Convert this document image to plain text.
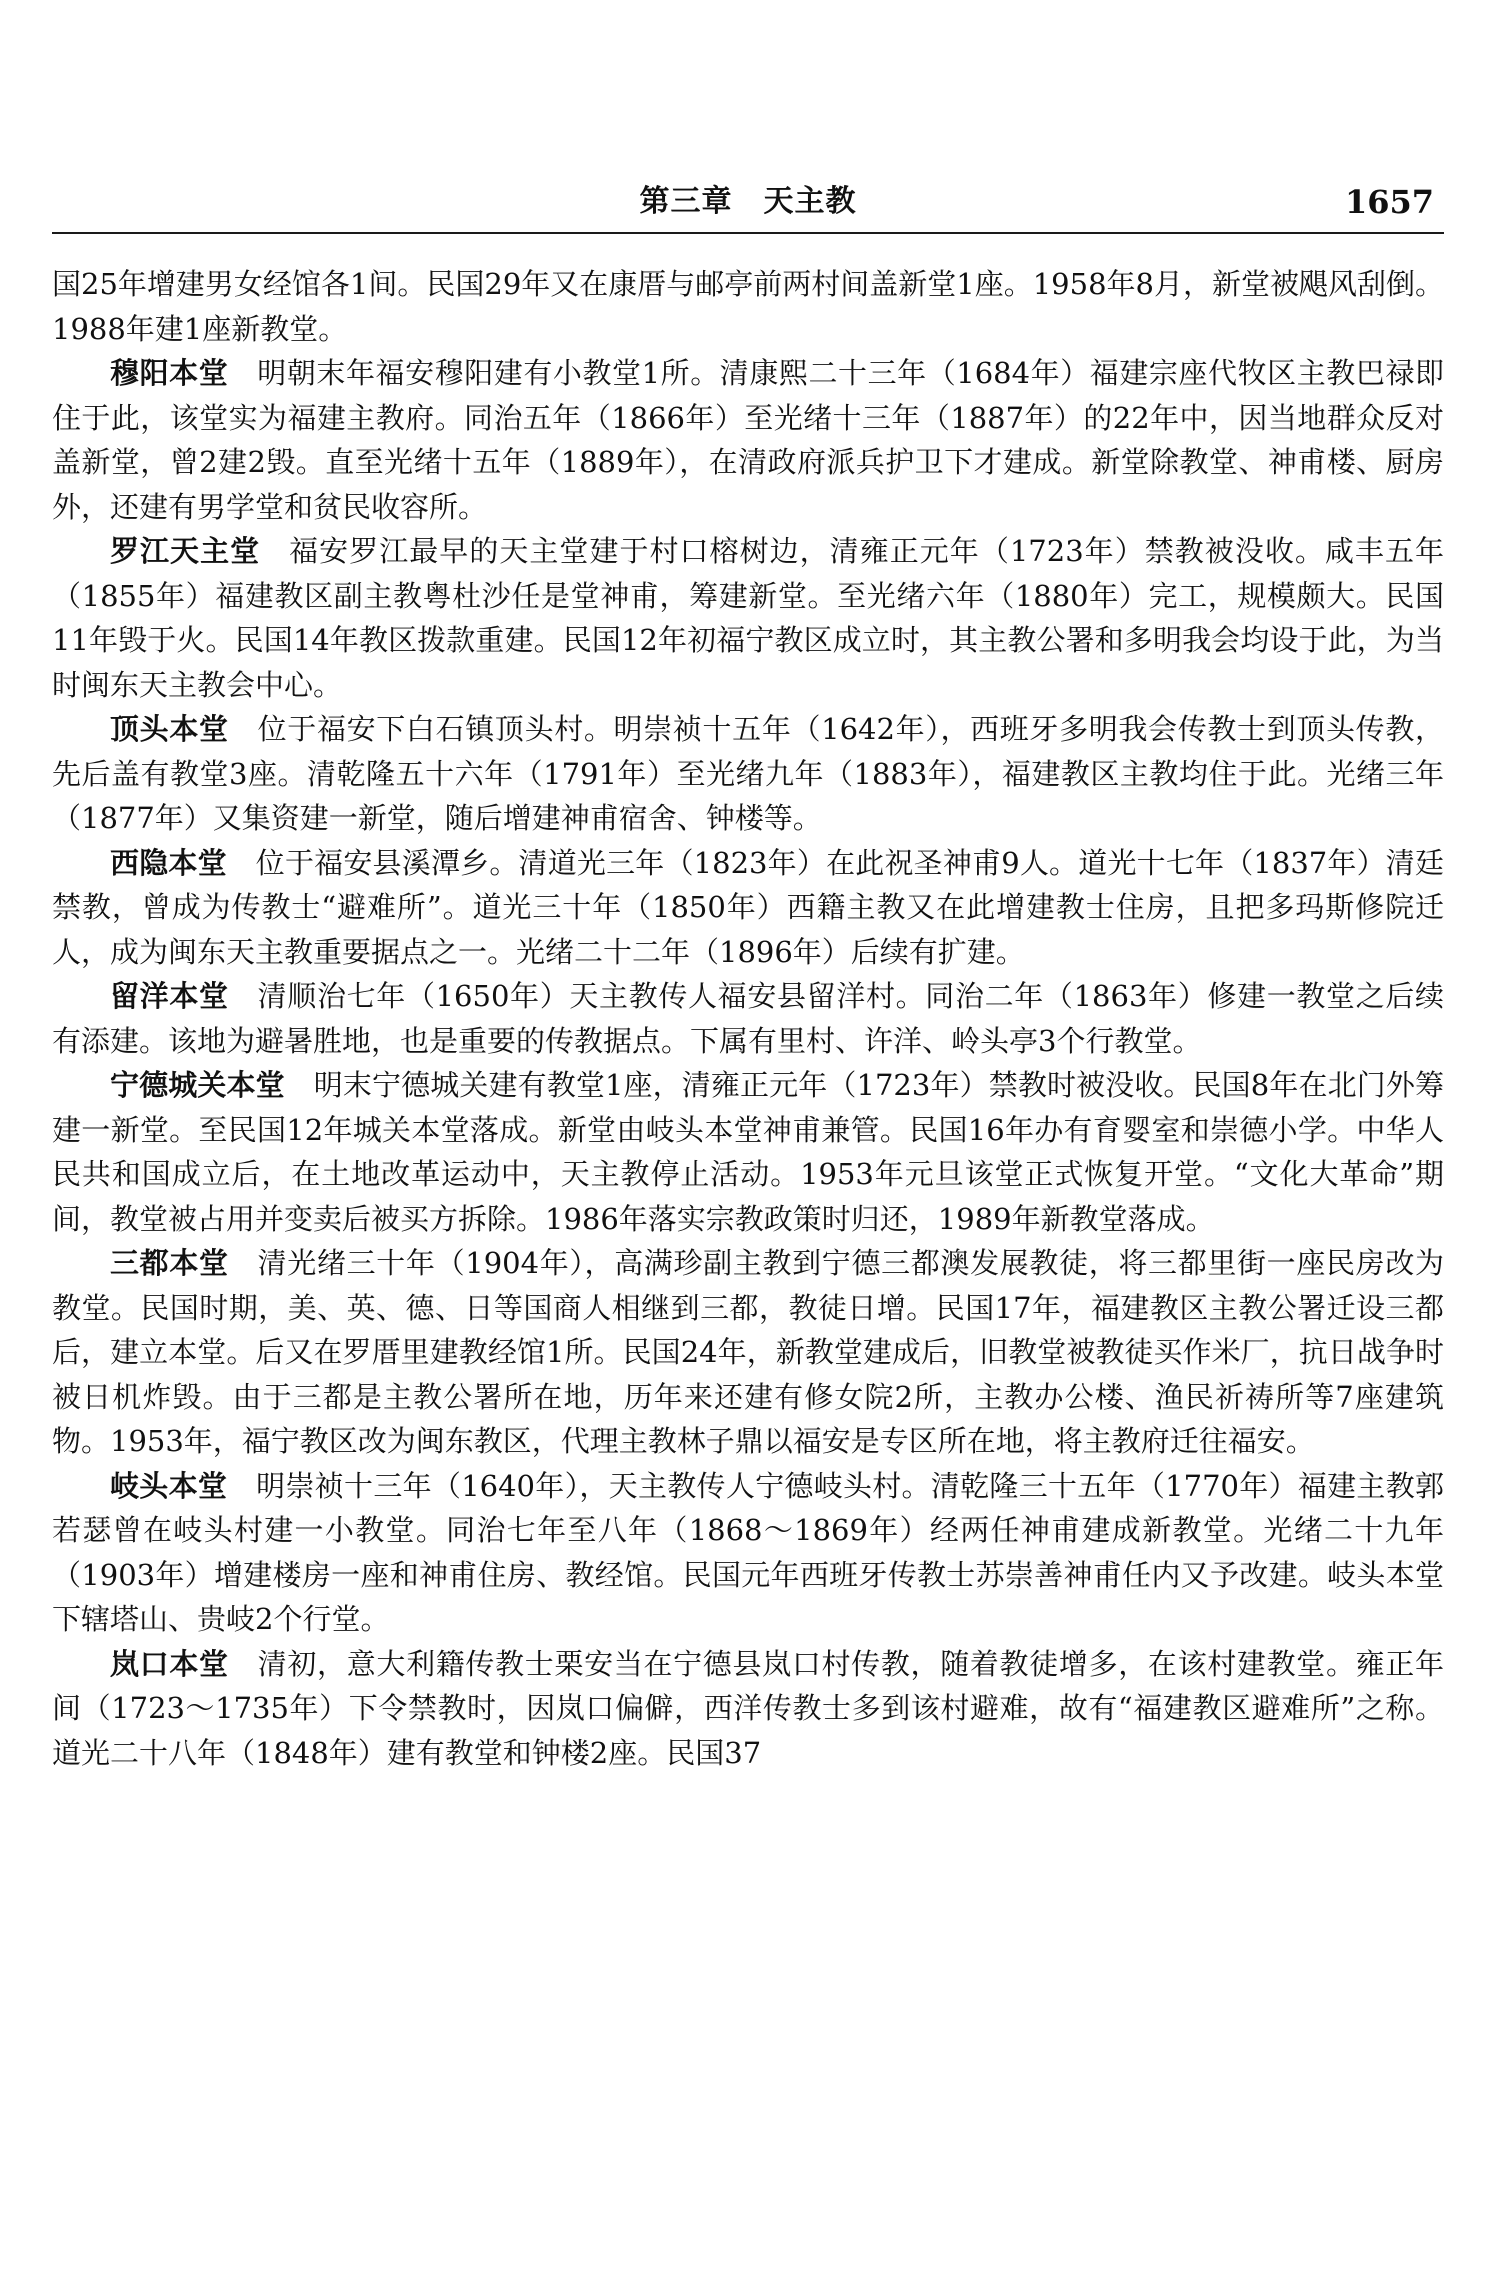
第三章　天主教	1657

国25年增建男女经馆各1间。民国29年又在康厝与邮亭前两村间盖新堂1座。1958年8月，新堂被飓风刮倒。1988年建1座新教堂。

穆阳本堂 明朝末年福安穆阳建有小教堂1所。清康熙二十三年（1684年）福建宗座代牧区主教巴禄即住于此，该堂实为福建主教府。同治五年（1866年）至光绪十三年（1887年）的22年中，因当地群众反对盖新堂，曾2建2毁。直至光绪十五年（1889年），在清政府派兵护卫下才建成。新堂除教堂、神甫楼、厨房外，还建有男学堂和贫民收容所。

罗江天主堂 福安罗江最早的天主堂建于村口榕树边，清雍正元年（1723年）禁教被没收。咸丰五年（1855年）福建教区副主教粤杜沙任是堂神甫，筹建新堂。至光绪六年（1880年）完工，规模颇大。民国11年毁于火。民国14年教区拨款重建。民国12年初福宁教区成立时，其主教公署和多明我会均设于此，为当时闽东天主教会中心。

顶头本堂 位于福安下白石镇顶头村。明崇祯十五年（1642年），西班牙多明我会传教士到顶头传教，先后盖有教堂3座。清乾隆五十六年（1791年）至光绪九年（1883年），福建教区主教均住于此。光绪三年（1877年）又集资建一新堂，随后增建神甫宿舍、钟楼等。

西隐本堂 位于福安县溪潭乡。清道光三年（1823年）在此祝圣神甫9人。道光十七年（1837年）清廷禁教，曾成为传教士“避难所”。道光三十年（1850年）西籍主教又在此增建教士住房，且把多玛斯修院迁人，成为闽东天主教重要据点之一。光绪二十二年（1896年）后续有扩建。

留洋本堂 清顺治七年（1650年）天主教传人福安县留洋村。同治二年（1863年）修建一教堂之后续有添建。该地为避暑胜地，也是重要的传教据点。下属有里村、许洋、岭头亭3个行教堂。

宁德城关本堂 明末宁德城关建有教堂1座，清雍正元年（1723年）禁教时被没收。民国8年在北门外筹建一新堂。至民国12年城关本堂落成。新堂由岐头本堂神甫兼管。民国16年办有育婴室和崇德小学。中华人民共和国成立后，在土地改革运动中，天主教停止活动。1953年元旦该堂正式恢复开堂。“文化大革命”期间，教堂被占用并变卖后被买方拆除。1986年落实宗教政策时归还，1989年新教堂落成。

三都本堂 清光绪三十年（1904年），高满珍副主教到宁德三都澳发展教徒，将三都里街一座民房改为教堂。民国时期，美、英、德、日等国商人相继到三都，教徒日增。民国17年，福建教区主教公署迁设三都后，建立本堂。后又在罗厝里建教经馆1所。民国24年，新教堂建成后，旧教堂被教徒买作米厂，抗日战争时被日机炸毁。由于三都是主教公署所在地，历年来还建有修女院2所，主教办公楼、渔民祈祷所等7座建筑物。1953年，福宁教区改为闽东教区，代理主教林子鼎以福安是专区所在地，将主教府迁往福安。

岐头本堂 明崇祯十三年（1640年），天主教传人宁德岐头村。清乾隆三十五年（1770年）福建主教郭若瑟曾在岐头村建一小教堂。同治七年至八年（1868～1869年）经两任神甫建成新教堂。光绪二十九年（1903年）增建楼房一座和神甫住房、教经馆。民国元年西班牙传教士苏崇善神甫任内又予改建。岐头本堂下辖塔山、贵岐2个行堂。

岚口本堂 清初，意大利籍传教士栗安当在宁德县岚口村传教，随着教徒增多，在该村建教堂。雍正年间（1723～1735年）下令禁教时，因岚口偏僻，西洋传教士多到该村避难，故有“福建教区避难所”之称。道光二十八年（1848年）建有教堂和钟楼2座。民国37
